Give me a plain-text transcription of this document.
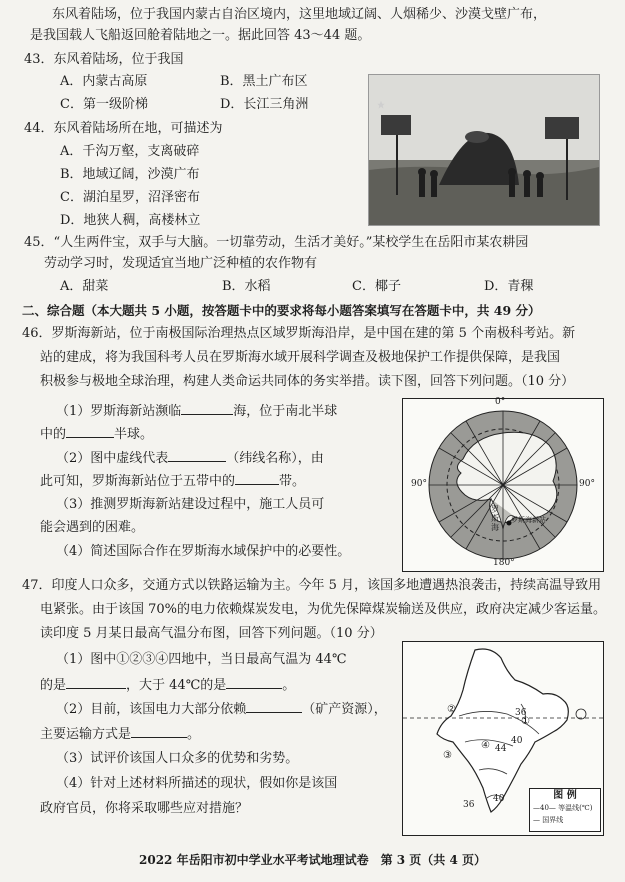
东风着陆场，位于我国内蒙古自治区境内，这里地域辽阔、人烟稀少、沙漠戈壁广布，
是我国载人飞船返回舱着陆地之一。据此回答 43～44 题。
43．东风着陆场，位于我国
A．内蒙古高原	B．黑土广布区
C．第一级阶梯	D．长江三角洲
44．东风着陆场所在地，可描述为
A．千沟万壑，支离破碎
B．地域辽阔，沙漠广布
C．湖泊星罗，沼泽密布
D．地狭人稠，高楼林立
45．“人生两件宝，双手与大脑。一切靠劳动，生活才美好。”某校学生在岳阳市某农耕园
劳动学习时，发现适宜当地广泛种植的农作物有
A．甜菜	B．水稻	C．椰子	D．青稞
二、综合题（本大题共 5 小题，按答题卡中的要求将每小题答案填写在答题卡中，共 49 分）
46．罗斯海新站，位于南极国际治理热点区域罗斯海沿岸，是中国在建的第 5 个南极科考站。新
站的建成，将为我国科考人员在罗斯海水域开展科学调查及极地保护工作提供保障，是我国
积极参与极地全球治理，构建人类命运共同体的务实举措。读下图，回答下列问题。（10 分）
（1）罗斯海新站濒临	海，位于南北半球
中的	半球。
（2）图中虚线代表	（纬线名称），由
此可知，罗斯海新站位于五带中的	带。
（3）推测罗斯海新站建设过程中，施工人员可
能会遇到的困难。
（4）简述国际合作在罗斯海水域保护中的必要性。
0°
90°	90°
180°
罗斯海
罗斯海新站
47．印度人口众多，交通方式以铁路运输为主。今年 5 月，该国多地遭遇热浪袭击，持续高温导致用
电紧张。由于该国 70%的电力依赖煤炭发电，为优先保障煤炭输送及供应，政府决定减少客运量。
读印度 5 月某日最高气温分布图，回答下列问题。（10 分）
（1）图中①②③④四地中，当日最高气温为 44℃
的是	，大于 44℃的是	。
（2）目前，该国电力大部分依赖	（矿产资源），
主要运输方式是	。
（3）试评价该国人口众多的优势和劣势。
（4）针对上述材料所描述的现状，假如你是该国
政府官员，你将采取哪些应对措施？
44
40
36
40
36
①
②
③
④
图 例
—40— 等温线(℃)
— 国界线
2022 年岳阳市初中学业水平考试地理试卷　第 3 页（共 4 页）
